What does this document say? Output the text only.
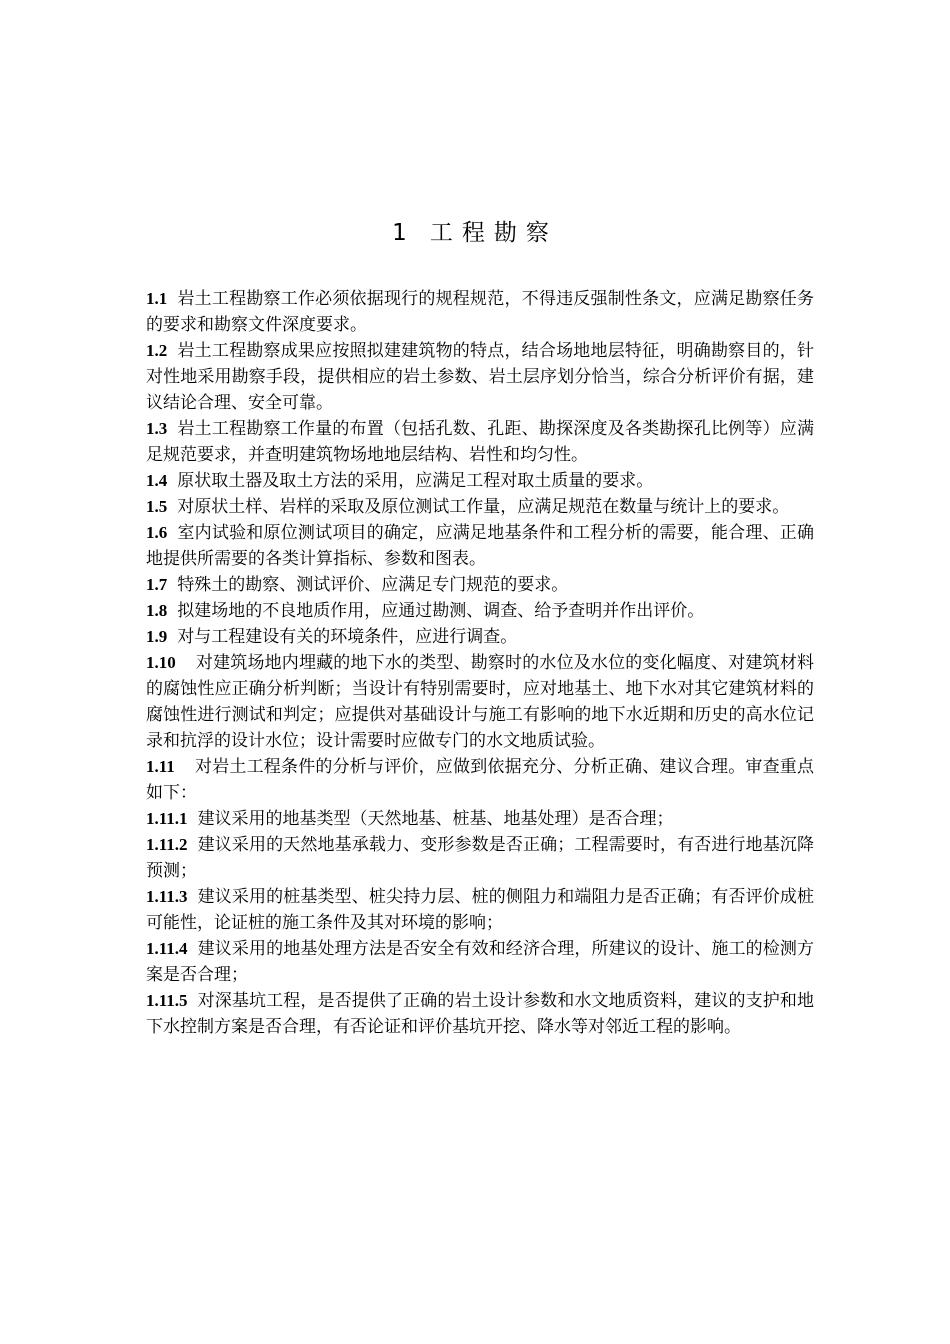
1 工程勘察

1.1 岩土工程勘察工作必须依据现行的规程规范，不得违反强制性条文，应满足勘察任务的要求和勘察文件深度要求。

1.2 岩土工程勘察成果应按照拟建建筑物的特点，结合场地地层特征，明确勘察目的，针对性地采用勘察手段，提供相应的岩土参数、岩土层序划分恰当，综合分析评价有据，建议结论合理、安全可靠。

1.3 岩土工程勘察工作量的布置（包括孔数、孔距、勘探深度及各类勘探孔比例等）应满足规范要求，并查明建筑物场地地层结构、岩性和均匀性。

1.4 原状取土器及取土方法的采用，应满足工程对取土质量的要求。

1.5 对原状土样、岩样的采取及原位测试工作量，应满足规范在数量与统计上的要求。

1.6 室内试验和原位测试项目的确定，应满足地基条件和工程分析的需要，能合理、正确地提供所需要的各类计算指标、参数和图表。

1.7 特殊土的勘察、测试评价、应满足专门规范的要求。

1.8 拟建场地的不良地质作用，应通过勘测、调查、给予查明并作出评价。

1.9 对与工程建设有关的环境条件，应进行调查。

1.10 对建筑场地内埋藏的地下水的类型、勘察时的水位及水位的变化幅度、对建筑材料的腐蚀性应正确分析判断；当设计有特别需要时，应对地基土、地下水对其它建筑材料的腐蚀性进行测试和判定；应提供对基础设计与施工有影响的地下水近期和历史的高水位记录和抗浮的设计水位；设计需要时应做专门的水文地质试验。

1.11 对岩土工程条件的分析与评价，应做到依据充分、分析正确、建议合理。审查重点如下：

1.11.1 建议采用的地基类型（天然地基、桩基、地基处理）是否合理；

1.11.2 建议采用的天然地基承载力、变形参数是否正确；工程需要时，有否进行地基沉降预测；

1.11.3 建议采用的桩基类型、桩尖持力层、桩的侧阻力和端阻力是否正确；有否评价成桩可能性，论证桩的施工条件及其对环境的影响；

1.11.4 建议采用的地基处理方法是否安全有效和经济合理，所建议的设计、施工的检测方案是否合理；

1.11.5 对深基坑工程，是否提供了正确的岩土设计参数和水文地质资料，建议的支护和地下水控制方案是否合理，有否论证和评价基坑开挖、降水等对邻近工程的影响。
